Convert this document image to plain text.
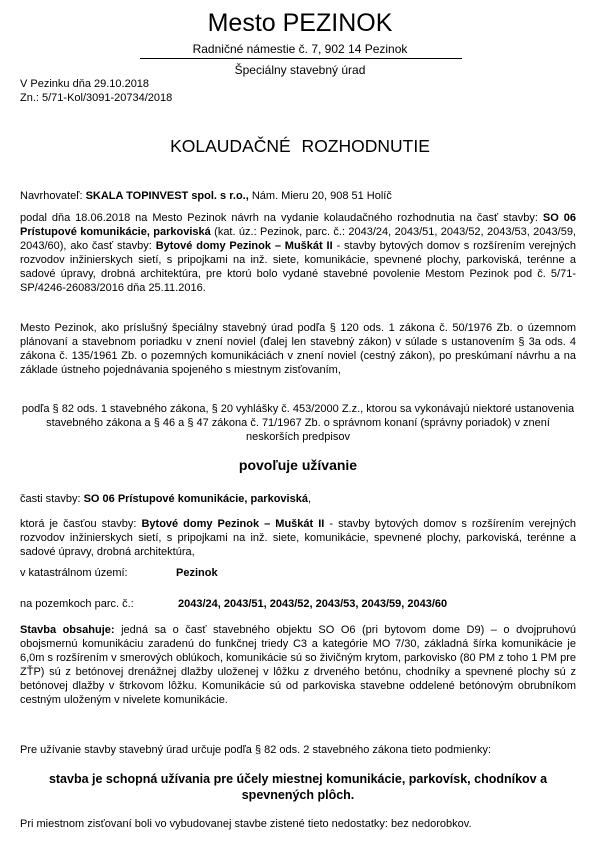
Mesto PEZINOK
Radničné námestie č. 7, 902 14 Pezinok
Špeciálny stavebný úrad
V Pezinku dňa 29.10.2018
Zn.: 5/71-Kol/3091-20734/2018
KOLAUDAČNÉ ROZHODNUTIE
Navrhovateľ: SKALA TOPINVEST spol. s r.o., Nám. Mieru 20, 908 51 Holíč
podal dňa 18.06.2018 na Mesto Pezinok návrh na vydanie kolaudačného rozhodnutia na časť stavby: SO 06 Prístupové komunikácie, parkoviská (kat. úz.: Pezinok, parc. č.: 2043/24, 2043/51, 2043/52, 2043/53, 2043/59, 2043/60), ako časť stavby: Bytové domy Pezinok – Muškát II - stavby bytových domov s rozšírením verejných rozvodov inžinierskych sietí, s pripojkami na inž. siete, komunikácie, spevnené plochy, parkoviská, terénne a sadové úpravy, drobná architektúra, pre ktorú bolo vydané stavebné povolenie Mestom Pezinok pod č. 5/71-SP/4246-26083/2016 dňa 25.11.2016.
Mesto Pezinok, ako príslušný špeciálny stavebný úrad podľa § 120 ods. 1 zákona č. 50/1976 Zb. o územnom plánovaní a stavebnom poriadku v znení noviel (ďalej len stavebný zákon) v súlade s ustanovením § 3a ods. 4 zákona č. 135/1961 Zb. o pozemných komunikáciách v znení noviel (cestný zákon), po preskúmaní návrhu a na základe ústneho pojednávania spojeného s miestnym zisťovaním,
podľa § 82 ods. 1 stavebného zákona, § 20 vyhlášky č. 453/2000 Z.z., ktorou sa vykonávajú niektoré ustanovenia stavebného zákona a § 46 a § 47 zákona č. 71/1967 Zb. o správnom konaní (správny poriadok) v znení neskorších predpisov
povoľuje užívanie
časti stavby: SO 06 Prístupové komunikácie, parkoviská,
ktorá je časťou stavby: Bytové domy Pezinok – Muškát II - stavby bytových domov s rozšírením verejných rozvodov inžinierskych sietí, s pripojkami na inž. siete, komunikácie, spevnené plochy, parkoviská, terénne a sadové úpravy, drobná architektúra,
v katastrálnom území:	Pezinok
na pozemkoch parc. č.:	2043/24, 2043/51, 2043/52, 2043/53, 2043/59, 2043/60
Stavba obsahuje: jedná sa o časť stavebného objektu SO O6 (pri bytovom dome D9) – o dvojpruhovú obojsmernú komunikáciu zaradenú do funkčnej triedy C3 a kategórie MO 7/30, základná šírka komunikácie je 6,0m s rozšírením v smerových oblúkoch, komunikácie sú so živičným krytom, parkovisko (80 PM z toho 1 PM pre ZŤP) sú z betónovej drenážnej dlažby uloženej v lôžku z drveného betónu, chodníky a spevnené plochy sú z betónovej dlažby v štrkovom lôžku. Komunikácie sú od parkoviska stavebne oddelené betónovým obrubníkom cestným uloženým v nivelete komunikácie.
Pre užívanie stavby stavebný úrad určuje podľa § 82 ods. 2 stavebného zákona tieto podmienky:
stavba je schopná užívania pre účely miestnej komunikácie, parkovísk, chodníkov a spevnených plôch.
Pri miestnom zisťovaní boli vo vybudovanej stavbe zistené tieto nedostatky: bez nedorobkov.
